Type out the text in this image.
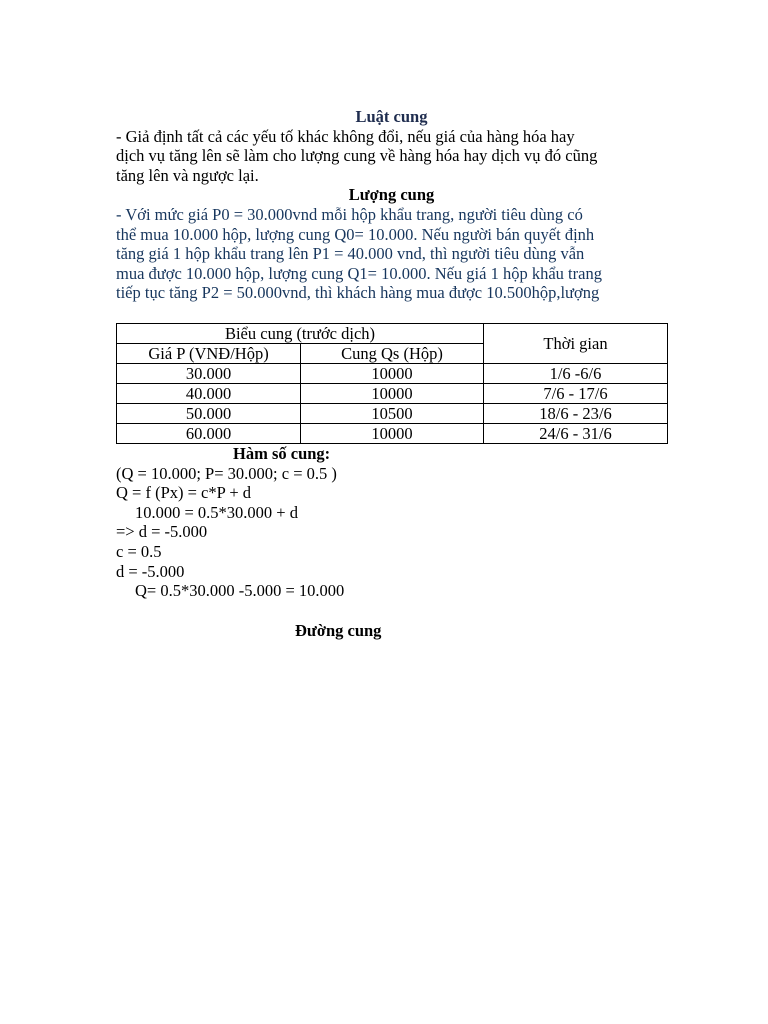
Luật cung
- Giả định tất cả các yếu tố khác không đổi, nếu giá của hàng hóa hay
dịch vụ tăng lên sẽ làm cho lượng cung về hàng hóa hay dịch vụ đó cũng
tăng lên và ngược lại.
Lượng cung
- Với mức giá P0 = 30.000vnd mỗi hộp khẩu trang, người tiêu dùng có
thể mua 10.000 hộp, lượng cung Q0= 10.000. Nếu người bán quyết định
tăng giá 1 hộp khẩu trang lên P1 = 40.000 vnd, thì người tiêu dùng vẫn
mua được 10.000 hộp, lượng cung Q1= 10.000. Nếu giá 1 hộp khẩu trang
tiếp tục tăng P2 = 50.000vnd, thì khách hàng mua được 10.500hộp,lượng
Biểu cung (trước dịch)		Thời gian
Giá P (VNĐ/Hộp)	Cung Qs (Hộp)	
30.000	10000	1/6 -6/6
40.000	10000	7/6 - 17/6
50.000	10500	18/6 - 23/6
60.000	10000	24/6 - 31/6
Hàm số cung:
(Q = 10.000; P= 30.000; c = 0.5 )
Q = f (Px) = c*P + d
10.000 = 0.5*30.000 + d
=> d = -5.000
c = 0.5
d = -5.000
Q= 0.5*30.000 -5.000 = 10.000
Đường cung
